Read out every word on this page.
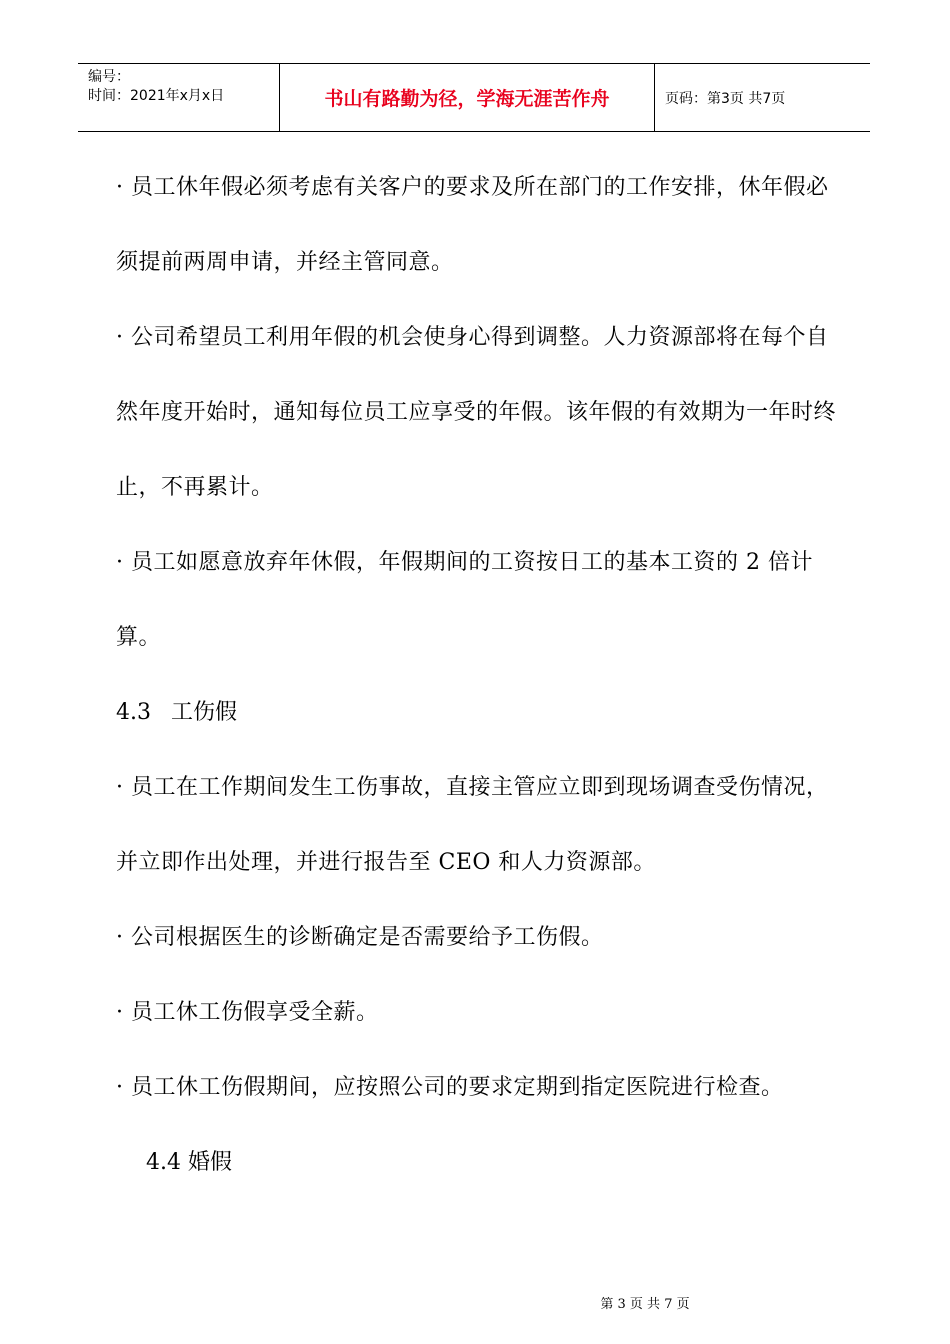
编号：
时间：2021年x月x日	书山有路勤为径，学海无涯苦作舟	页码：第3页 共7页

· 员工休年假必须考虑有关客户的要求及所在部门的工作安排，休年假必须提前两周申请，并经主管同意。

· 公司希望员工利用年假的机会使身心得到调整。人力资源部将在每个自然年度开始时，通知每位员工应享受的年假。该年假的有效期为一年时终止，不再累计。

· 员工如愿意放弃年休假，年假期间的工资按日工的基本工资的 2 倍计算。

4.3 工伤假

· 员工在工作期间发生工伤事故，直接主管应立即到现场调查受伤情况，并立即作出处理，并进行报告至 CEO 和人力资源部。

· 公司根据医生的诊断确定是否需要给予工伤假。

· 员工休工伤假享受全薪。

· 员工休工伤假期间，应按照公司的要求定期到指定医院进行检查。

4.4 婚假

第 3 页 共 7 页
